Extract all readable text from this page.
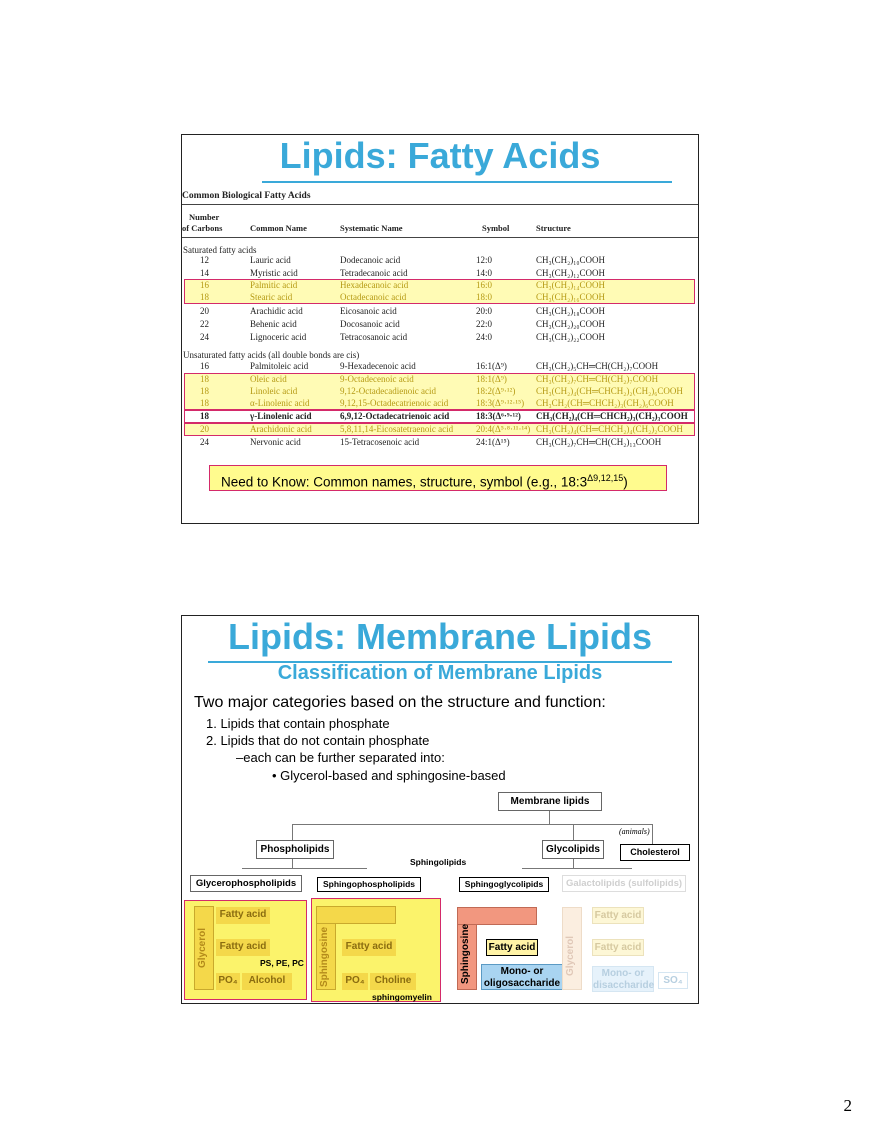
Lipids: Fatty Acids
Common Biological Fatty Acids
Number
of Carbons	Common Name	Systematic Name	Symbol	Structure
Saturated fatty acids
12	Lauric acid	Dodecanoic acid	12:0	CH₃(CH₂)₁₀COOH
14	Myristic acid	Tetradecanoic acid	14:0	CH₃(CH₂)₁₂COOH
16	Palmitic acid	Hexadecanoic acid	16:0	CH₃(CH₂)₁₄COOH
18	Stearic acid	Octadecanoic acid	18:0	CH₃(CH₂)₁₆COOH
20	Arachidic acid	Eicosanoic acid	20:0	CH₃(CH₂)₁₈COOH
22	Behenic acid	Docosanoic acid	22:0	CH₃(CH₂)₂₀COOH
24	Lignoceric acid	Tetracosanoic acid	24:0	CH₃(CH₂)₂₂COOH
Unsaturated fatty acids (all double bonds are cis)
16	Palmitoleic acid	9-Hexadecenoic acid	16:1(Δ⁹)	CH₃(CH₂)₅CH═CH(CH₂)₇COOH
18	Oleic acid	9-Octadecenoic acid	18:1(Δ⁹)	CH₃(CH₂)₇CH═CH(CH₂)₇COOH
18	Linoleic acid	9,12-Octadecadienoic acid	18:2(Δ⁹·¹²) CH₃(CH₂)₄(CH═CHCH₂)₂(CH₂)₆COOH
18	α-Linolenic acid	9,12,15-Octadecatrienoic acid	18:3(Δ⁹·¹²·¹⁵) CH₃CH₂(CH═CHCH₂)₃(CH₂)₆COOH
18	γ-Linolenic acid	6,9,12-Octadecatrienoic acid	18:3(Δ⁶·⁹·¹²) CH₃(CH₂)₄(CH═CHCH₂)₃(CH₂)₃COOH
20	Arachidonic acid	5,8,11,14-Eicosatetraenoic acid	20:4(Δ⁵·⁸·¹¹·¹⁴) CH₃(CH₂)₄(CH═CHCH₂)₄(CH₂)₂COOH
24	Nervonic acid	15-Tetracosenoic acid	24:1(Δ¹⁵)	CH₃(CH₂)₇CH═CH(CH₂)₁₃COOH
Need to Know: Common names, structure, symbol (e.g., $18:3^{\Delta 9,12,15}$)
Lipids: Membrane Lipids
Classification of Membrane Lipids
Two major categories based on the structure and function:
1. Lipids that contain phosphate
2. Lipids that do not contain phosphate
–each can be further separated into:
• Glycerol-based and sphingosine-based
Membrane lipids
(animals)
Phospholipids	Glycolipids	Cholesterol
Sphingolipids
Glycerophospholipids	Sphingophospholipids	Sphingoglycolipids	Galactolipids (sulfolipids)
Glycerol
Fatty acid
Fatty acid
PO₄	Alcohol
PS, PE, PC Sphingosine	Fatty acid
PO₄	Choline
sphingomyelin
Sphingosine Fatty acid
Mono- or
oligosaccharide
Glycerol
Fatty acid
Fatty acid
Mono- or
disaccharide SO₄
2
